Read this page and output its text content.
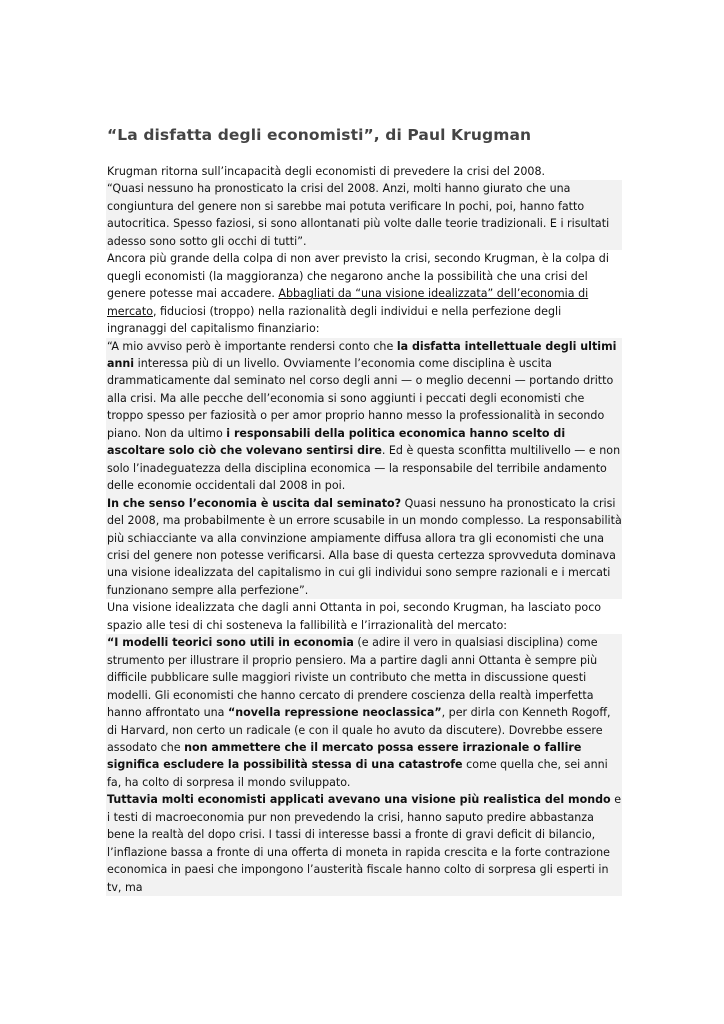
“La disfatta degli economisti”, di Paul Krugman

Krugman ritorna sull’incapacità degli economisti di prevedere la crisi del 2008.

“Quasi nessuno ha pronosticato la crisi del 2008. Anzi, molti hanno giurato che una congiuntura del genere non si sarebbe mai potuta verificare In pochi, poi, hanno fatto autocritica. Spesso faziosi, si sono allontanati più volte dalle teorie tradizionali. E i risultati adesso sono sotto gli occhi di tutti”.

Ancora più grande della colpa di non aver previsto la crisi, secondo Krugman, è la colpa di quegli economisti (la maggioranza) che negarono anche la possibilità che una crisi del genere potesse mai accadere. Abbagliati da “una visione idealizzata” dell’economia di mercato, fiduciosi (troppo) nella razionalità degli individui e nella perfezione degli ingranaggi del capitalismo finanziario:

“A mio avviso però è importante rendersi conto che la disfatta intellettuale degli ultimi anni interessa più di un livello. Ovviamente l’economia come disciplina è uscita drammaticamente dal seminato nel corso degli anni — o meglio decenni — portando dritto alla crisi. Ma alle pecche dell’economia si sono aggiunti i peccati degli economisti che troppo spesso per faziosità o per amor proprio hanno messo la professionalità in secondo piano. Non da ultimo i responsabili della politica economica hanno scelto di ascoltare solo ciò che volevano sentirsi dire. Ed è questa sconfitta multilivello — e non solo l’inadeguatezza della disciplina economica — la responsabile del terribile andamento delle economie occidentali dal 2008 in poi.

In che senso l’economia è uscita dal seminato? Quasi nessuno ha pronosticato la crisi del 2008, ma probabilmente è un errore scusabile in un mondo complesso. La responsabilità più schiacciante va alla convinzione ampiamente diffusa allora tra gli economisti che una crisi del genere non potesse verificarsi. Alla base di questa certezza sprovveduta dominava una visione idealizzata del capitalismo in cui gli individui sono sempre razionali e i mercati funzionano sempre alla perfezione”.

Una visione idealizzata che dagli anni Ottanta in poi, secondo Krugman, ha lasciato poco spazio alle tesi di chi sosteneva la fallibilità e l’irrazionalità del mercato:

“I modelli teorici sono utili in economia (e adire il vero in qualsiasi disciplina) come strumento per illustrare il proprio pensiero. Ma a partire dagli anni Ottanta è sempre più difficile pubblicare sulle maggiori riviste un contributo che metta in discussione questi modelli. Gli economisti che hanno cercato di prendere coscienza della realtà imperfetta hanno affrontato una “novella repressione neoclassica”, per dirla con Kenneth Rogoff, di Harvard, non certo un radicale (e con il quale ho avuto da discutere). Dovrebbe essere assodato che non ammettere che il mercato possa essere irrazionale o fallire significa escludere la possibilità stessa di una catastrofe come quella che, sei anni fa, ha colto di sorpresa il mondo sviluppato.

Tuttavia molti economisti applicati avevano una visione più realistica del mondo e i testi di macroeconomia pur non prevedendo la crisi, hanno saputo predire abbastanza bene la realtà del dopo crisi. I tassi di interesse bassi a fronte di gravi deficit di bilancio, l’inflazione bassa a fronte di una offerta di moneta in rapida crescita e la forte contrazione economica in paesi che impongono l’austerità fiscale hanno colto di sorpresa gli esperti in tv, ma
